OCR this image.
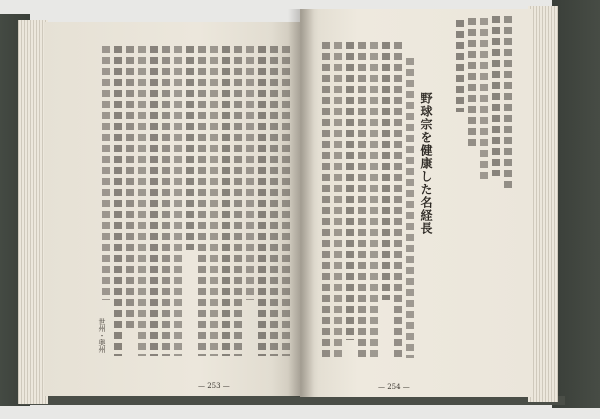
野球宗を健康した名経長
世州・奥州
— 253 —	— 254 —
